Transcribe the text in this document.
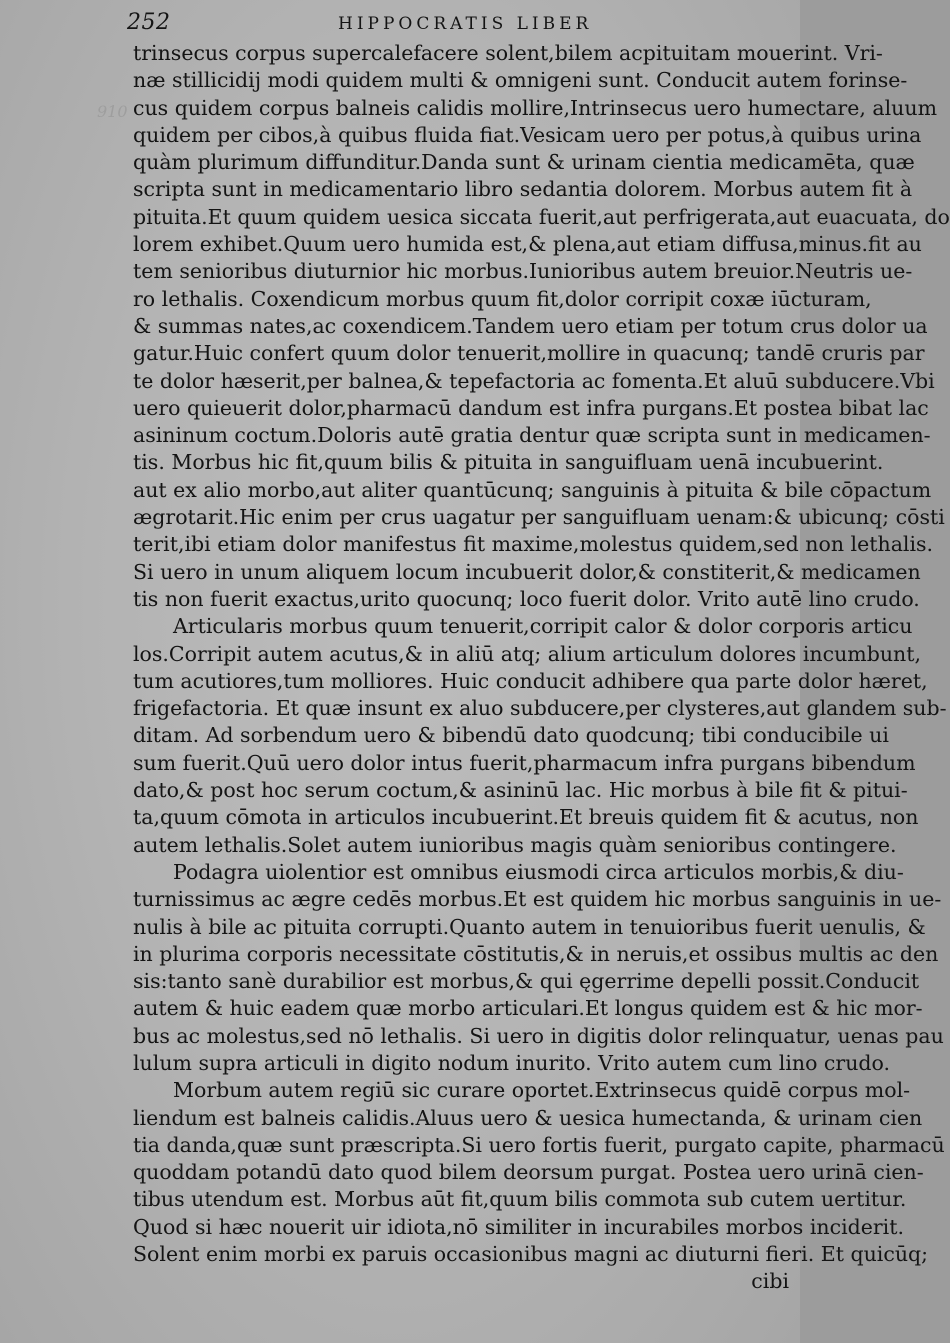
252	HIPPOCRATIS LIBER
910
trinsecus corpus supercalefacere solent,bilem acpituitam mouerint. Vri-
næ stillicidij modi quidem multi & omnigeni sunt. Conducit autem forinse-
cus quidem corpus balneis calidis mollire,Intrinsecus uero humectare, aluum
quidem per cibos,à quibus fluida fiat.Vesicam uero per potus,à quibus urina
quàm plurimum diffunditur.Danda sunt & urinam cientia medicamēta, quæ
scripta sunt in medicamentario libro sedantia dolorem. Morbus autem fit à
pituita.Et quum quidem uesica siccata fuerit,aut perfrigerata,aut euacuata, do
lorem exhibet.Quum uero humida est,& plena,aut etiam diffusa,minus.fit au
tem senioribus diuturnior hic morbus.Iunioribus autem breuior.Neutris ue-
ro lethalis. Coxendicum morbus quum fit,dolor corripit coxæ iūcturam,
& summas nates,ac coxendicem.Tandem uero etiam per totum crus dolor ua
gatur.Huic confert quum dolor tenuerit,mollire in quacunq; tandē cruris par
te dolor hæserit,per balnea,& tepefactoria ac fomenta.Et aluū subducere.Vbi
uero quieuerit dolor,pharmacū dandum est infra purgans.Et postea bibat lac
asininum coctum.Doloris autē gratia dentur quæ scripta sunt in medicamen-
tis. Morbus hic fit,quum bilis & pituita in sanguifluam uenā incubuerint.
aut ex alio morbo,aut aliter quantūcunq; sanguinis à pituita & bile cōpactum
ægrotarit.Hic enim per crus uagatur per sanguifluam uenam:& ubicunq; cōsti
terit,ibi etiam dolor manifestus fit maxime,molestus quidem,sed non lethalis.
Si uero in unum aliquem locum incubuerit dolor,& constiterit,& medicamen
tis non fuerit exactus,urito quocunq; loco fuerit dolor. Vrito autē lino crudo.
Articularis morbus quum tenuerit,corripit calor & dolor corporis articu
los.Corripit autem acutus,& in aliū atq; alium articulum dolores incumbunt,
tum acutiores,tum molliores. Huic conducit adhibere qua parte dolor hæret,
frigefactoria. Et quæ insunt ex aluo subducere,per clysteres,aut glandem sub-
ditam. Ad sorbendum uero & bibendū dato quodcunq; tibi conducibile ui
sum fuerit.Quū uero dolor intus fuerit,pharmacum infra purgans bibendum
dato,& post hoc serum coctum,& asininū lac. Hic morbus à bile fit & pitui-
ta,quum cōmota in articulos incubuerint.Et breuis quidem fit & acutus, non
autem lethalis.Solet autem iunioribus magis quàm senioribus contingere.
Podagra uiolentior est omnibus eiusmodi circa articulos morbis,& diu-
turnissimus ac ægre cedēs morbus.Et est quidem hic morbus sanguinis in ue-
nulis à bile ac pituita corrupti.Quanto autem in tenuioribus fuerit uenulis, &
in plurima corporis necessitate cōstitutis,& in neruis,et ossibus multis ac den
sis:tanto sanè durabilior est morbus,& qui ęgerrime depelli possit.Conducit
autem & huic eadem quæ morbo articulari.Et longus quidem est & hic mor-
bus ac molestus,sed nō lethalis. Si uero in digitis dolor relinquatur, uenas pau
lulum supra articuli in digito nodum inurito. Vrito autem cum lino crudo.
Morbum autem regiū sic curare oportet.Extrinsecus quidē corpus mol-
liendum est balneis calidis.Aluus uero & uesica humectanda, & urinam cien
tia danda,quæ sunt præscripta.Si uero fortis fuerit, purgato capite, pharmacū
quoddam potandū dato quod bilem deorsum purgat. Postea uero urinā cien-
tibus utendum est. Morbus aūt fit,quum bilis commota sub cutem uertitur.
Quod si hæc nouerit uir idiota,nō similiter in incurabiles morbos inciderit.
Solent enim morbi ex paruis occasionibus magni ac diuturni fieri. Et quicūq;
cibi
